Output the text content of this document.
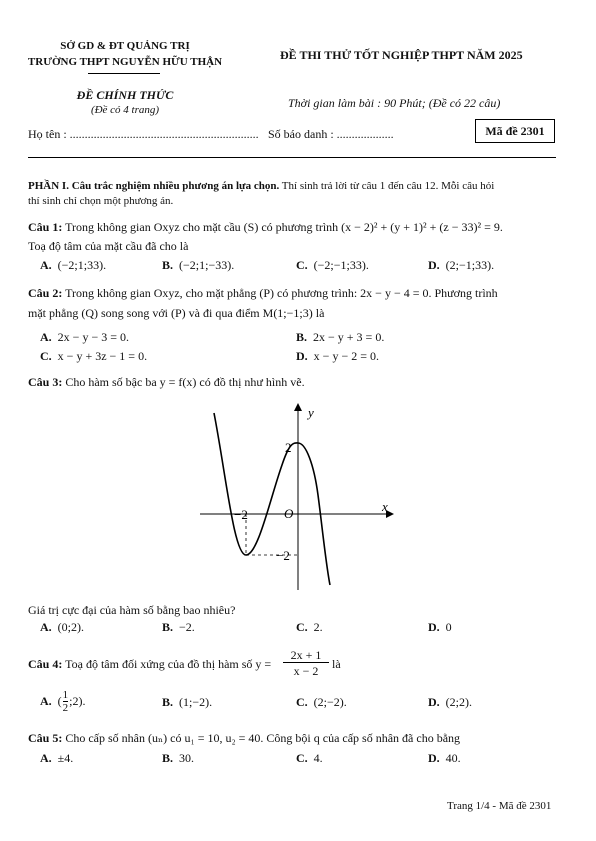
SỞ GD & ĐT QUẢNG TRỊ
TRƯỜNG THPT NGUYỄN HỮU THẬN	ĐỀ THI THỬ TỐT NGHIỆP THPT NĂM 2025
ĐỀ CHÍNH THỨC
(Đề có 4 trang)	Thời gian làm bài : 90 Phút; (Đề có 22 câu)
Họ tên : ............................................................... Số báo danh : ...................	Mã đề 2301
PHẦN I. Câu trắc nghiệm nhiều phương án lựa chọn. Thí sinh trả lời từ câu 1 đến câu 12. Mỗi câu hỏi
thí sinh chỉ chọn một phương án.
Câu 1: Trong không gian Oxyz cho mặt cầu (S) có phương trình (x − 2)² + (y + 1)² + (z − 33)² = 9.
Toạ độ tâm của mặt cầu đã cho là
A. (−2;1;33).	B. (−2;1;−33).	C. (−2;−1;33).	D. (2;−1;33).
Câu 2: Trong không gian Oxyz, cho mặt phẳng (P) có phương trình: 2x − y − 4 = 0. Phương trình
mặt phẳng (Q) song song với (P) và đi qua điểm M(1;−1;3) là
A. 2x − y − 3 = 0.	B. 2x − y + 3 = 0.
C. x − y + 3z − 1 = 0.	D. x − y − 2 = 0.
Câu 3: Cho hàm số bậc ba y = f(x) có đồ thị như hình vẽ.
y
x
O
2
−2
−2
Giá trị cực đại của hàm số bằng bao nhiêu?
A. (0;2).	B. −2.	C. 2.	D. 0
Câu 4: Toạ độ tâm đối xứng của đồ thị hàm số $y = \frac{2x + 1}{x - 2}$ là
A. ( $\frac{1}{2}$ ;2).	B. (1;−2).	C. (2;−2).	D. (2;2).
Câu 5: Cho cấp số nhân (uₙ) có u₁ = 10, u₂ = 40. Công bội q của cấp số nhân đã cho bằng
A. ±4.	B. 30.	C. 4.	D. 40.
Trang 1/4 - Mã đề 2301
